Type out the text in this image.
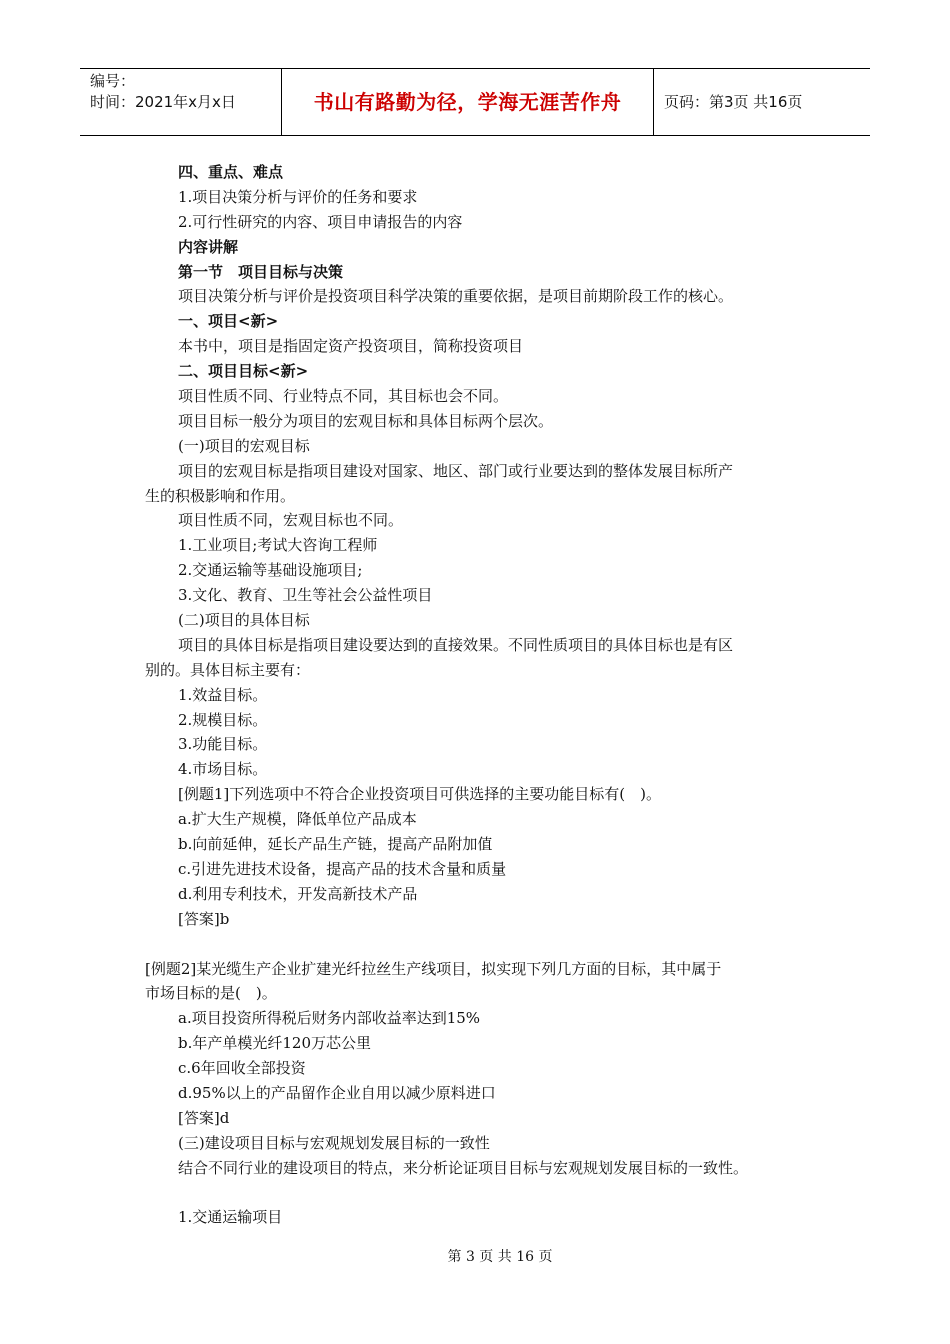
编号：
时间：2021年x月x日	书山有路勤为径，学海无涯苦作舟	页码：第3页 共16页
四、重点、难点
1.项目决策分析与评价的任务和要求
2.可行性研究的内容、项目申请报告的内容
内容讲解
第一节　项目目标与决策
项目决策分析与评价是投资项目科学决策的重要依据，是项目前期阶段工作的核心。
一、项目<新>
本书中，项目是指固定资产投资项目，简称投资项目
二、项目目标<新>
项目性质不同、行业特点不同，其目标也会不同。
项目目标一般分为项目的宏观目标和具体目标两个层次。
(一)项目的宏观目标
项目的宏观目标是指项目建设对国家、地区、部门或行业要达到的整体发展目标所产
生的积极影响和作用。
项目性质不同，宏观目标也不同。
1.工业项目;考试大咨询工程师
2.交通运输等基础设施项目;
3.文化、教育、卫生等社会公益性项目
(二)项目的具体目标
项目的具体目标是指项目建设要达到的直接效果。不同性质项目的具体目标也是有区
别的。具体目标主要有：
1.效益目标。
2.规模目标。
3.功能目标。
4.市场目标。
[例题1]下列选项中不符合企业投资项目可供选择的主要功能目标有(　)。
a.扩大生产规模，降低单位产品成本
b.向前延伸，延长产品生产链，提高产品附加值
c.引进先进技术设备，提高产品的技术含量和质量
d.利用专利技术，开发高新技术产品
[答案]b
[例题2]某光缆生产企业扩建光纤拉丝生产线项目，拟实现下列几方面的目标，其中属于
市场目标的是(　)。
a.项目投资所得税后财务内部收益率达到15%
b.年产单模光纤120万芯公里
c.6年回收全部投资
d.95%以上的产品留作企业自用以减少原料进口
[答案]d
(三)建设项目目标与宏观规划发展目标的一致性
结合不同行业的建设项目的特点，来分析论证项目目标与宏观规划发展目标的一致性。
1.交通运输项目
第 3 页 共 16 页
